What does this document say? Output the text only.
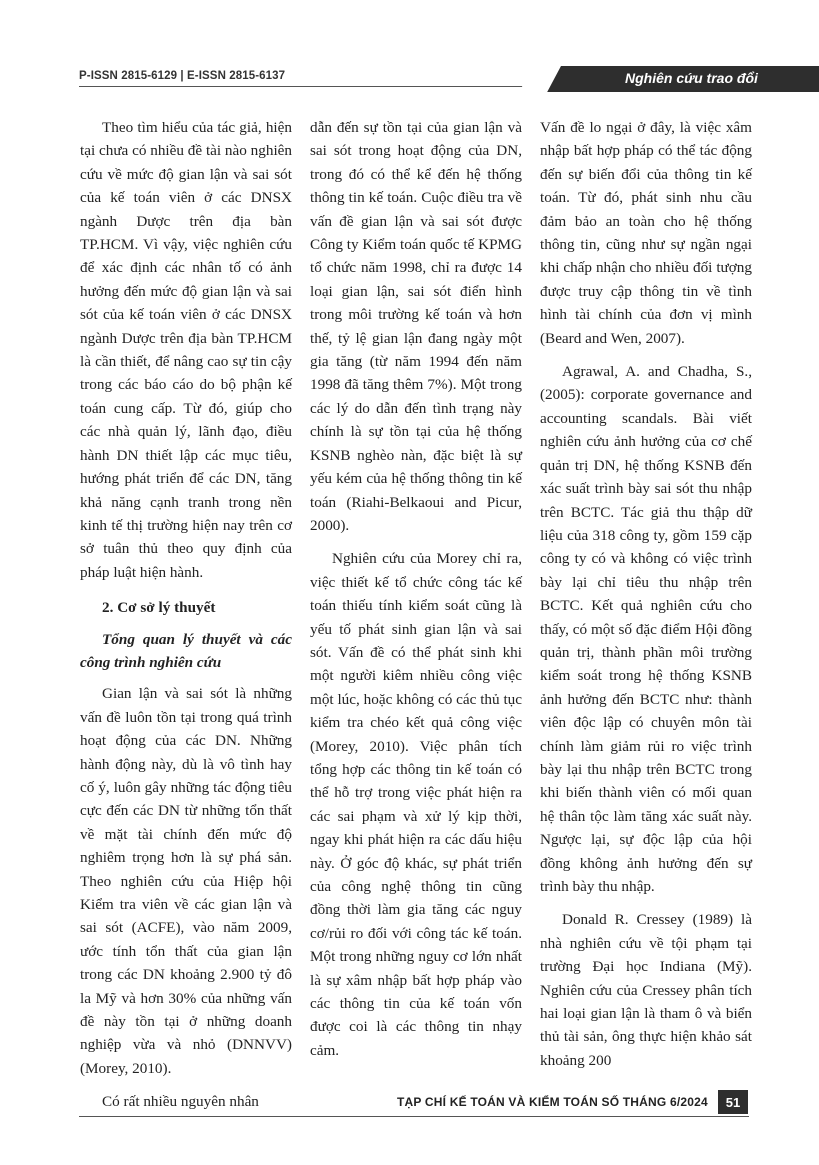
P-ISSN 2815-6129 | E-ISSN 2815-6137	Nghiên cứu trao đổi

Theo tìm hiểu của tác giả, hiện tại chưa có nhiều đề tài nào nghiên cứu về mức độ gian lận và sai sót của kế toán viên ở các DNSX ngành Dược trên địa bàn TP.HCM. Vì vậy, việc nghiên cứu để xác định các nhân tố có ảnh hưởng đến mức độ gian lận và sai sót của kế toán viên ở các DNSX ngành Dược trên địa bàn TP.HCM là cần thiết, để nâng cao sự tin cậy trong các báo cáo do bộ phận kế toán cung cấp. Từ đó, giúp cho các nhà quản lý, lãnh đạo, điều hành DN thiết lập các mục tiêu, hướng phát triển để các DN, tăng khả năng cạnh tranh trong nền kinh tế thị trường hiện nay trên cơ sở tuân thủ theo quy định của pháp luật hiện hành.

2. Cơ sở lý thuyết
Tổng quan lý thuyết và các công trình nghiên cứu

Gian lận và sai sót là những vấn đề luôn tồn tại trong quá trình hoạt động của các DN. Những hành động này, dù là vô tình hay cố ý, luôn gây những tác động tiêu cực đến các DN từ những tổn thất về mặt tài chính đến mức độ nghiêm trọng hơn là sự phá sản. Theo nghiên cứu của Hiệp hội Kiểm tra viên về các gian lận và sai sót (ACFE), vào năm 2009, ước tính tổn thất của gian lận trong các DN khoảng 2.900 tỷ đô la Mỹ và hơn 30% của những vấn đề này tồn tại ở những doanh nghiệp vừa và nhỏ (DNNVV) (Morey, 2010).

Có rất nhiều nguyên nhân

dẫn đến sự tồn tại của gian lận và sai sót trong hoạt động của DN, trong đó có thể kể đến hệ thống thông tin kế toán. Cuộc điều tra về vấn đề gian lận và sai sót được Công ty Kiểm toán quốc tế KPMG tổ chức năm 1998, chỉ ra được 14 loại gian lận, sai sót điển hình trong môi trường kế toán và hơn thế, tỷ lệ gian lận đang ngày một gia tăng (từ năm 1994 đến năm 1998 đã tăng thêm 7%). Một trong các lý do dẫn đến tình trạng này chính là sự tồn tại của hệ thống KSNB nghèo nàn, đặc biệt là sự yếu kém của hệ thống thông tin kế toán (Riahi-Belkaoui and Picur, 2000).

Nghiên cứu của Morey chỉ ra, việc thiết kế tổ chức công tác kế toán thiếu tính kiểm soát cũng là yếu tố phát sinh gian lận và sai sót. Vấn đề có thể phát sinh khi một người kiêm nhiều công việc một lúc, hoặc không có các thủ tục kiểm tra chéo kết quả công việc (Morey, 2010). Việc phân tích tổng hợp các thông tin kế toán có thể hỗ trợ trong việc phát hiện ra các sai phạm và xử lý kịp thời, ngay khi phát hiện ra các dấu hiệu này. Ở góc độ khác, sự phát triển của công nghệ thông tin cũng đồng thời làm gia tăng các nguy cơ/rủi ro đối với công tác kế toán. Một trong những nguy cơ lớn nhất là sự xâm nhập bất hợp pháp vào các thông tin của kế toán vốn được coi là các thông tin nhạy cảm.

Vấn đề lo ngại ở đây, là việc xâm nhập bất hợp pháp có thể tác động đến sự biến đổi của thông tin kế toán. Từ đó, phát sinh nhu cầu đảm bảo an toàn cho hệ thống thông tin, cũng như sự ngần ngại khi chấp nhận cho nhiều đối tượng được truy cập thông tin về tình hình tài chính của đơn vị mình (Beard and Wen, 2007).

Agrawal, A. and Chadha, S., (2005): corporate governance and accounting scandals. Bài viết nghiên cứu ảnh hưởng của cơ chế quản trị DN, hệ thống KSNB đến xác suất trình bày sai sót thu nhập trên BCTC. Tác giả thu thập dữ liệu của 318 công ty, gồm 159 cặp công ty có và không có việc trình bày lại chỉ tiêu thu nhập trên BCTC. Kết quả nghiên cứu cho thấy, có một số đặc điểm Hội đồng quản trị, thành phần môi trường kiểm soát trong hệ thống KSNB ảnh hưởng đến BCTC như: thành viên độc lập có chuyên môn tài chính làm giảm rủi ro việc trình bày lại thu nhập trên BCTC trong khi biến thành viên có mối quan hệ thân tộc làm tăng xác suất này. Ngược lại, sự độc lập của hội đồng không ảnh hưởng đến sự trình bày thu nhập.

Donald R. Cressey (1989) là nhà nghiên cứu về tội phạm tại trường Đại học Indiana (Mỹ). Nghiên cứu của Cressey phân tích hai loại gian lận là tham ô và biển thủ tài sản, ông thực hiện khảo sát khoảng 200

TẠP CHÍ KẾ TOÁN VÀ KIỂM TOÁN SỐ THÁNG 6/2024	51
